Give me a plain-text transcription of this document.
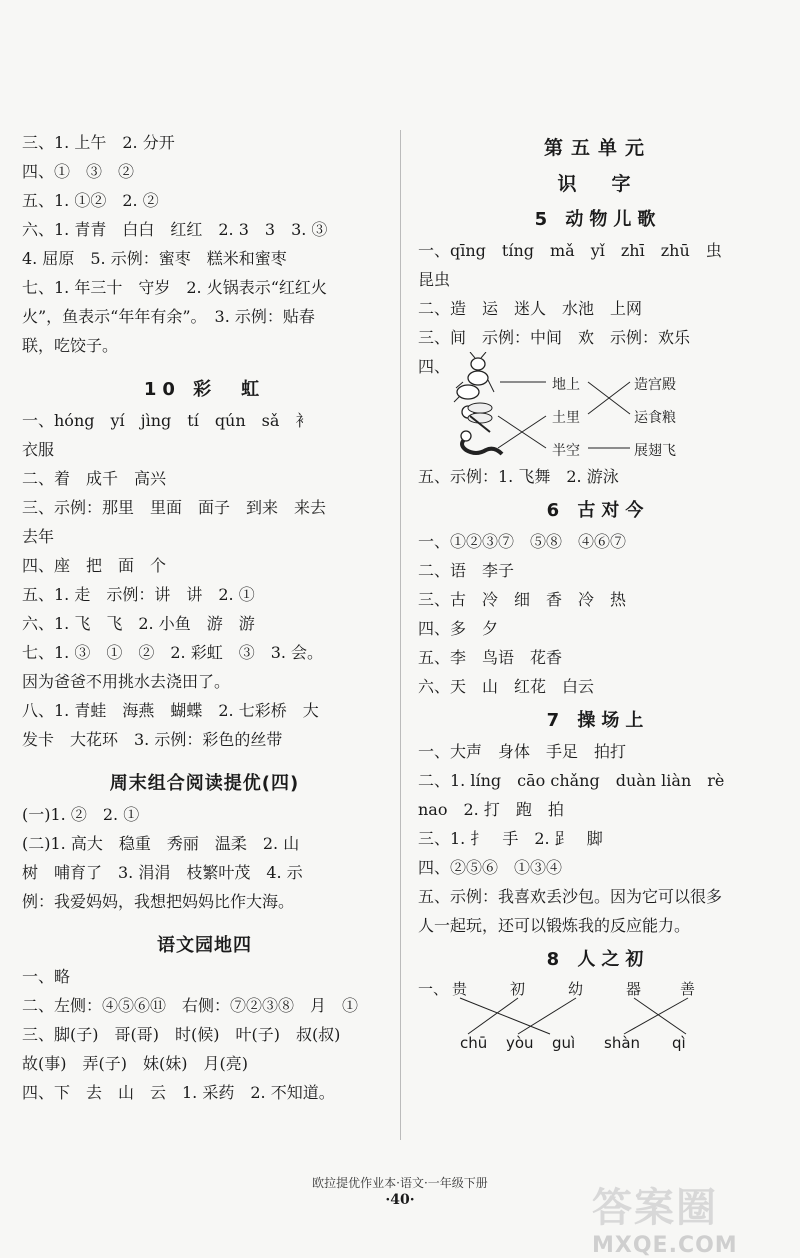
三、1. 上午　2. 分开
四、①　③　②
五、1. ①②　2. ②
六、1. 青青　白白　红红　2. 3　3　3. ③
4. 屈原　5. 示例：蜜枣　糕米和蜜枣
七、1. 年三十　守岁　2. 火锅表示“红红火
火”，鱼表示“年年有余”。　3. 示例：贴春
联，吃饺子。
10 彩　虹
一、hóng　yí　jìng　tí　qún　sǎ　衤
衣服
二、着　成千　高兴
三、示例：那里　里面　面子　到来　来去
去年
四、座　把　面　个
五、1. 走　示例：讲　讲　2. ①
六、1. 飞　飞　2. 小鱼　游　游
七、1. ③　①　②　2. 彩虹　③　3. 会。
因为爸爸不用挑水去浇田了。
八、1. 青蛙　海燕　蝴蝶　2. 七彩桥　大
发卡　大花环　3. 示例：彩色的丝带
周末组合阅读提优(四)
(一)1. ②　2. ①
(二)1. 高大　稳重　秀丽　温柔　2. 山
树　哺育了　3. 涓涓　枝繁叶茂　4. 示
例：我爱妈妈，我想把妈妈比作大海。
语文园地四
一、略
二、左侧：④⑤⑥⑪　右侧：⑦②③⑧　月　①
三、脚(子)　哥(哥)　时(候)　叶(子)　叔(叔)
故(事)　弄(子)　妹(妹)　月(亮)
四、下　去　山　云　1. 采药　2. 不知道。
第五单元
识　字
5 动物儿歌
一、qīng　tíng　mǎ　yǐ　zhī　zhū　虫
昆虫
二、造　运　迷人　水池　上网
三、间　示例：中间　欢　示例：欢乐
四、
地上
土里
半空
造宫殿
运食粮
展翅飞
五、示例：1. 飞舞　2. 游泳
6 古对今
一、①②③⑦　⑤⑧　④⑥⑦
二、语　李子
三、古　冷　细　香　冷　热
四、多　夕
五、李　鸟语　花香
六、天　山　红花　白云
7 操场上
一、大声　身体　手足　拍打
二、1. líng　cāo chǎng　duàn liàn　rè
nao　2. 打　跑　拍
三、1. 扌　手　2. 𧾷　脚
四、②⑤⑥　①③④
五、示例：我喜欢丢沙包。因为它可以很多
人一起玩，还可以锻炼我的反应能力。
8 人之初
一、 贵	初	幼	器	善
chū yòu guì shàn qì
欧拉提优作业本·语文·一年级下册
·40·	答案圈
MXQE.COM
